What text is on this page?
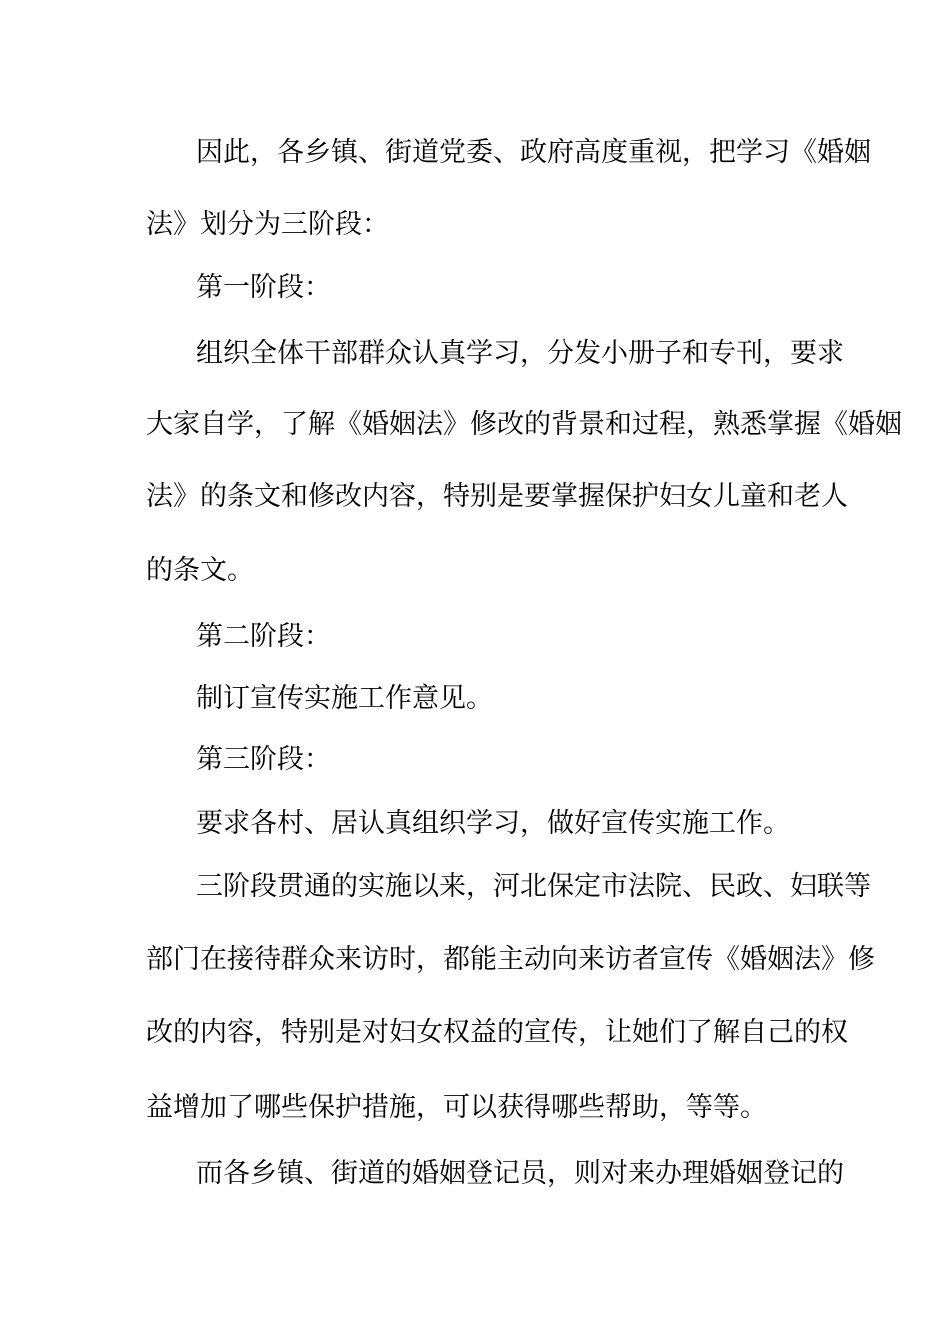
因此，各乡镇、街道党委、政府高度重视，把学习《婚姻
法》划分为三阶段：
第一阶段：
组织全体干部群众认真学习，分发小册子和专刊，要求
大家自学，了解《婚姻法》修改的背景和过程，熟悉掌握《婚姻
法》的条文和修改内容，特别是要掌握保护妇女儿童和老人
的条文。
第二阶段：
制订宣传实施工作意见。
第三阶段：
要求各村、居认真组织学习，做好宣传实施工作。
三阶段贯通的实施以来，河北保定市法院、民政、妇联等
部门在接待群众来访时，都能主动向来访者宣传《婚姻法》修
改的内容，特别是对妇女权益的宣传，让她们了解自己的权
益增加了哪些保护措施，可以获得哪些帮助，等等。
而各乡镇、街道的婚姻登记员，则对来办理婚姻登记的
